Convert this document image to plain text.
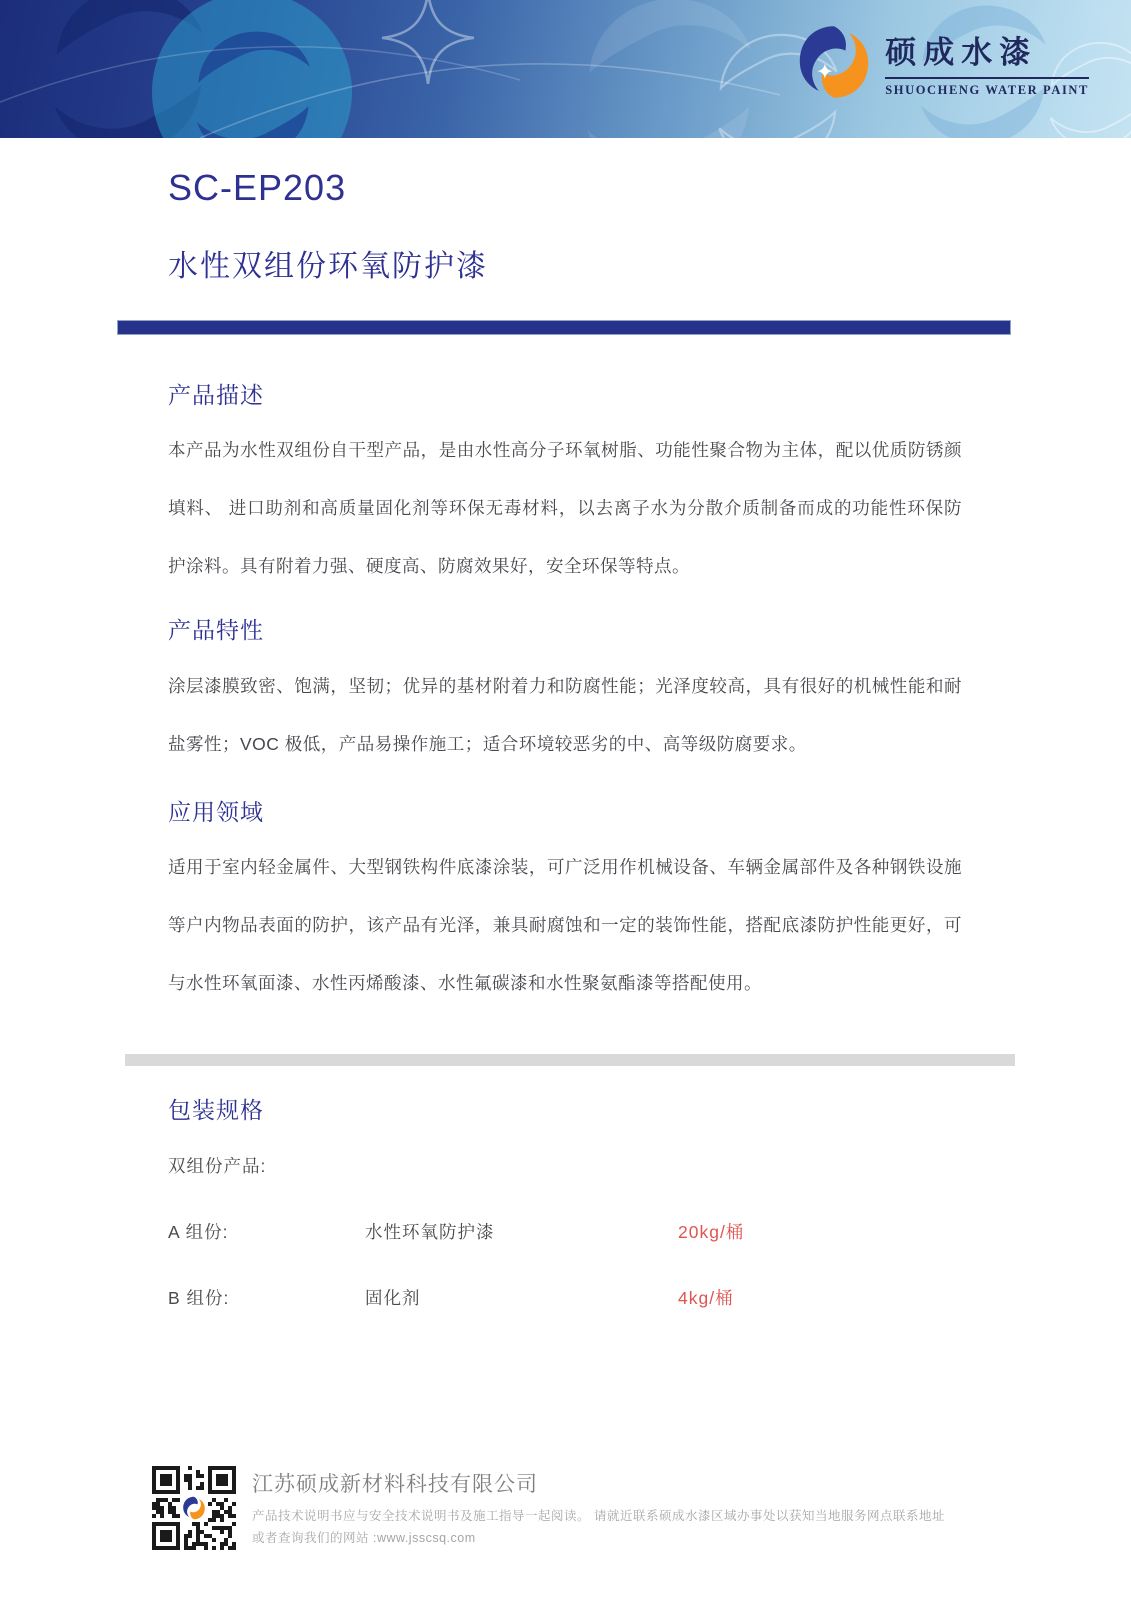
硕成水漆
SHUOCHENG WATER PAINT
SC-EP203
水性双组份环氧防护漆
产品描述

本产品为水性双组份自干型产品，是由水性高分子环氧树脂、功能性聚合物为主体，配以优质防锈颜填料、 进口助剂和高质量固化剂等环保无毒材料，以去离子水为分散介质制备而成的功能性环保防护涂料。具有附着力强、硬度高、防腐效果好，安全环保等特点。

产品特性

涂层漆膜致密、饱满，坚韧；优异的基材附着力和防腐性能；光泽度较高，具有很好的机械性能和耐盐雾性；VOC 极低，产品易操作施工；适合环境较恶劣的中、高等级防腐要求。

应用领域

适用于室内轻金属件、大型钢铁构件底漆涂装，可广泛用作机械设备、车辆金属部件及各种钢铁设施等户内物品表面的防护，该产品有光泽，兼具耐腐蚀和一定的装饰性能，搭配底漆防护性能更好，可与水性环氧面漆、水性丙烯酸漆、水性氟碳漆和水性聚氨酯漆等搭配使用。

包装规格
双组份产品:
A 组份:	水性环氧防护漆	20kg/桶
B 组份:	固化剂	4kg/桶
江苏硕成新材料科技有限公司
产品技术说明书应与安全技术说明书及施工指导一起阅读。 请就近联系硕成水漆区域办事处以获知当地服务网点联系地址
或者查询我们的网站 :www.jsscsq.com
